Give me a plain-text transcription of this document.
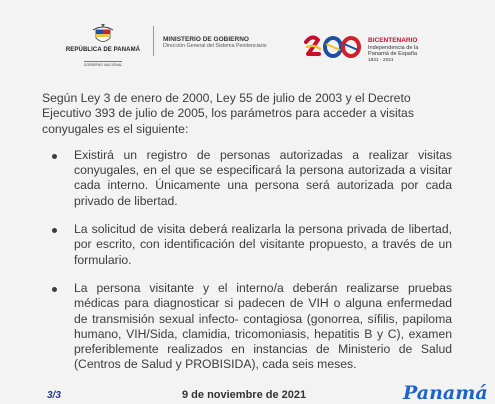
REPÚBLICA DE PANAMÁ
GOBIERNO NACIONAL
MINISTERIO DE GOBIERNO
Dirección General del Sistema Penitenciario
BICENTENARIO
Independencia de la
Panamá de España
1821 - 2021

Según Ley 3 de enero de 2000, Ley 55 de julio de 2003 y el Decreto Ejecutivo 393 de julio de 2005, los parámetros para acceder a visitas conyugales es el siguiente:

Existirá un registro de personas autorizadas a realizar visitas conyugales, en el que se especificará la persona autorizada a visitar cada interno. Únicamente una persona será autorizada por cada privado de libertad.
La solicitud de visita deberá realizarla la persona privada de libertad, por escrito, con identificación del visitante propuesto, a través de un formulario.
La persona visitante y el interno/a deberán realizarse pruebas médicas para diagnosticar si padecen de VIH o alguna enfermedad de transmisión sexual infecto- contagiosa (gonorrea, sífilis, papiloma humano, VIH/Sida, clamidia, tricomoniasis, hepatitis B y C), examen preferiblemente realizados en instancias de Ministerio de Salud (Centros de Salud y PROBISIDA), cada seis meses.
3/3	9 de noviembre de 2021	Panamá
